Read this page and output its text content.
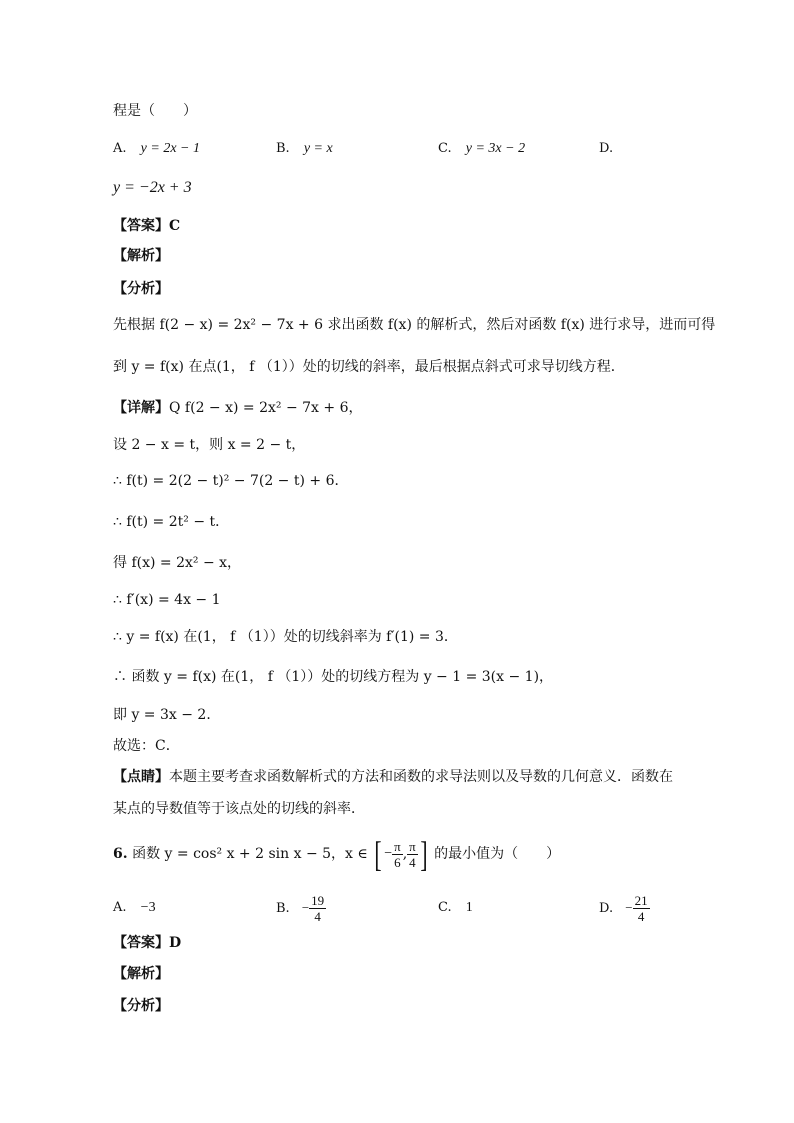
程是（　　）
A. y = 2x − 1	B. y = x	C. y = 3x − 2	D.
y = −2x + 3
【答案】C
【解析】
【分析】
先根据 f(2 − x) = 2x² − 7x + 6 求出函数 f(x) 的解析式，然后对函数 f(x) 进行求导，进而可得
到 y = f(x) 在点(1， f （1））处的切线的斜率，最后根据点斜式可求导切线方程．
【详解】Q f(2 − x) = 2x² − 7x + 6，
设 2 − x = t，则 x = 2 − t，
∴ f(t) = 2(2 − t)² − 7(2 − t) + 6．
∴ f(t) = 2t² − t．
得 f(x) = 2x² − x，
∴ f′(x) = 4x − 1
∴ y = f(x) 在(1， f （1））处的切线斜率为 f′(1) = 3．
∴ 函数 y = f(x) 在(1， f （1））处的切线方程为 y − 1 = 3(x − 1)，
即 y = 3x − 2．
故选：C．
【点睛】本题主要考查求函数解析式的方法和函数的求导法则以及导数的几何意义．函数在
某点的导数值等于该点处的切线的斜率．
6. 函数 y = cos² x + 2 sin x − 5，x ∈ [ − $\frac{\pi}{6}$ , $\frac{\pi}{4}$ ] 的最小值为（　　）
A. −3	B. − $\frac{19}{4}$	C. 1	D. − $\frac{21}{4}$
【答案】D
【解析】
【分析】
